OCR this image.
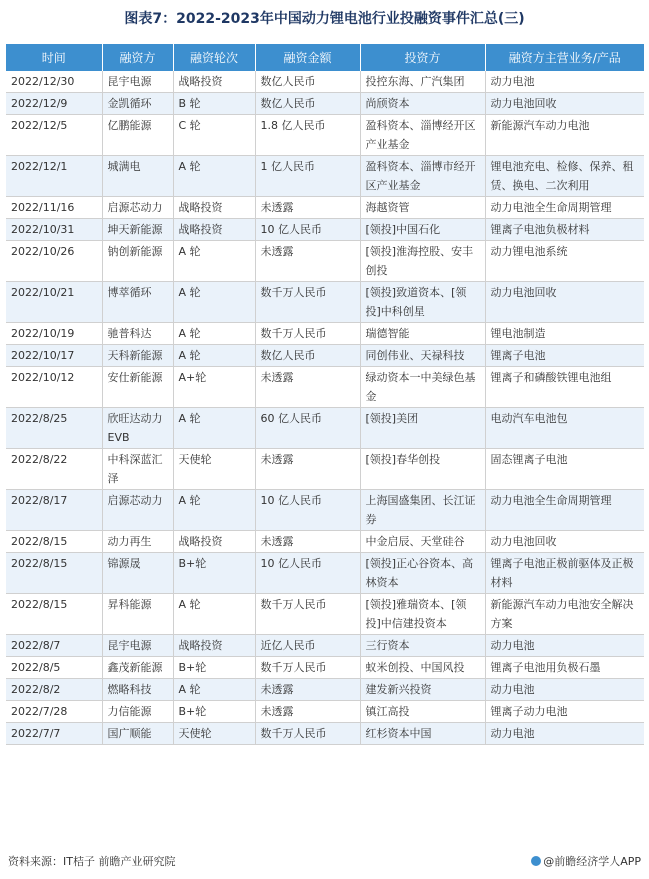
图表7：2022-2023年中国动力锂电池行业投融资事件汇总(三)
时间	融资方	融资轮次	融资金额	投资方	融资方主营业务/产品
2022/12/30	昆宇电源	战略投资	数亿人民币	投控东海、广汽集团	动力电池
2022/12/9	金凯循环	B 轮	数亿人民币	尚颀资本	动力电池回收
2022/12/5	亿鹏能源	C 轮	1.8 亿人民币	盈科资本、淄博经开区产业基金	新能源汽车动力电池
2022/12/1	城满电	A 轮	1 亿人民币	盈科资本、淄博市经开区产业基金	锂电池充电、检修、保养、租赁、换电、二次利用
2022/11/16	启源芯动力	战略投资	未透露	海越资管	动力电池全生命周期管理
2022/10/31	坤天新能源	战略投资	10 亿人民币	[领投]中国石化	锂离子电池负极材料
2022/10/26	钠创新能源	A 轮	未透露	[领投]淮海控股、安丰创投	动力锂电池系统
2022/10/21	博萃循环	A 轮	数千万人民币	[领投]致道资本、[领投]中科创星	动力电池回收
2022/10/19	驰普科达	A 轮	数千万人民币	瑞德智能	锂电池制造
2022/10/17	天科新能源	A 轮	数亿人民币	同创伟业、天禄科技	锂离子电池
2022/10/12	安仕新能源	A+轮	未透露	绿动资本一中美绿色基金	锂离子和磷酸铁锂电池组
2022/8/25	欣旺达动力 EVB	A 轮	60 亿人民币	[领投]美团	电动汽车电池包
2022/8/22	中科深蓝汇泽	天使轮	未透露	[领投]春华创投	固态锂离子电池
2022/8/17	启源芯动力	A 轮	10 亿人民币	上海国盛集团、长江证券	动力电池全生命周期管理
2022/8/15	动力再生	战略投资	未透露	中金启辰、天堂硅谷	动力电池回收
2022/8/15	锦源晟	B+轮	10 亿人民币	[领投]正心谷资本、高林资本	锂离子电池正极前驱体及正极材料
2022/8/15	昇科能源	A 轮	数千万人民币	[领投]雅瑞资本、[领投]中信建投资本	新能源汽车动力电池安全解决方案
2022/8/7	昆宇电源	战略投资	近亿人民币	三行资本	动力电池
2022/8/5	鑫茂新能源	B+轮	数千万人民币	蚁米创投、中国风投	锂离子电池用负极石墨
2022/8/2	燃略科技	A 轮	未透露	建发新兴投资	动力电池
2022/7/28	力信能源	B+轮	未透露	镇江高投	锂离子动力电池
2022/7/7	国广顺能	天使轮	数千万人民币	红杉资本中国	动力电池
资料来源：IT桔子 前瞻产业研究院	@前瞻经济学人APP
